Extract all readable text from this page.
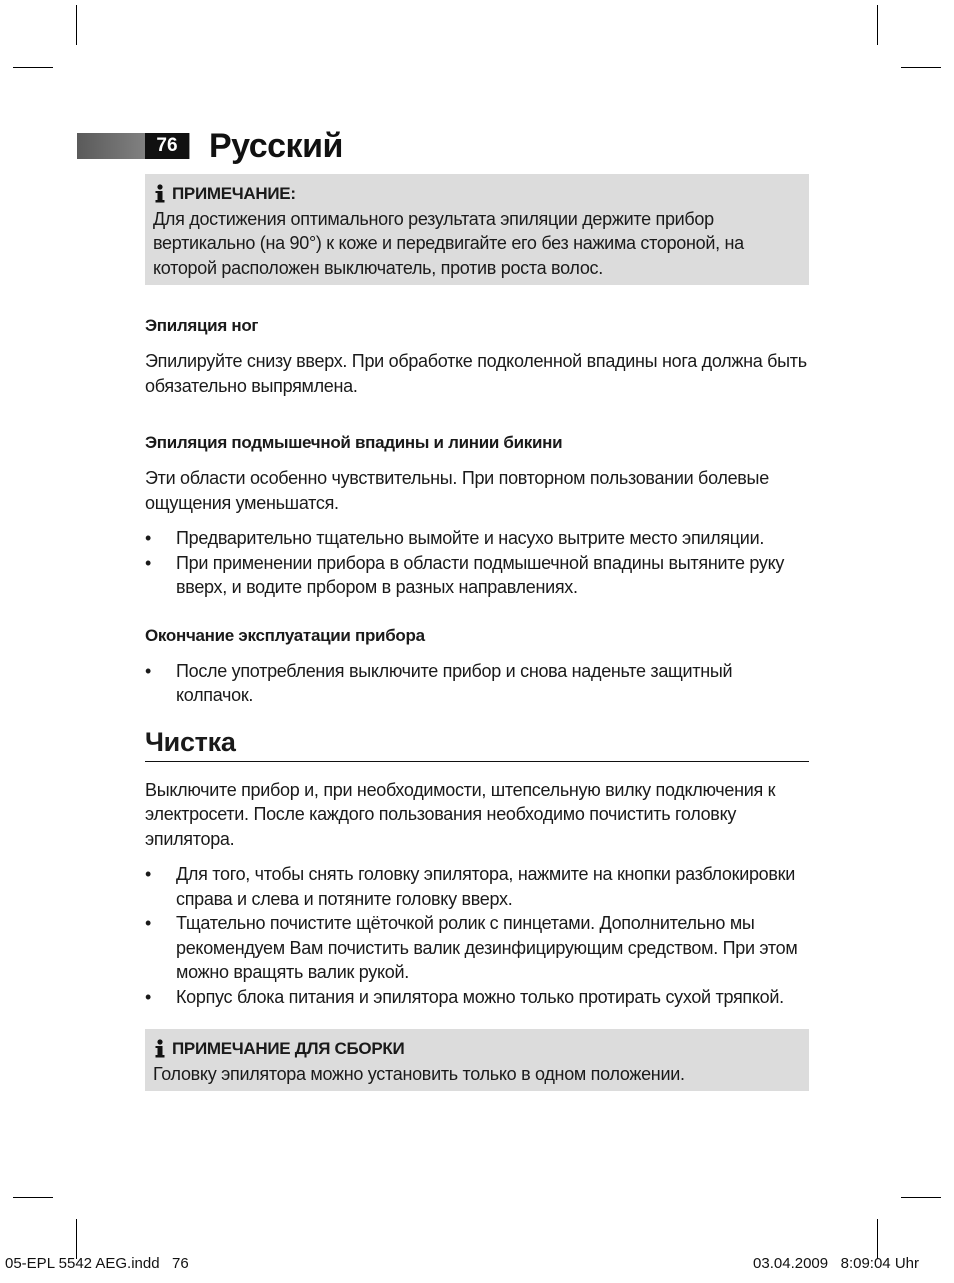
76 Русский
ПРИМЕЧАНИЕ :

Для достижения оптимального результата эпиляции держите прибор вертикально (на 90°) к коже и передвигайте его без нажима стороной, на которой расположен выключатель, против роста волос.

Эпиляция ног

Эпилируйте снизу вверх. При обработке подколенной впадины нога должна быть обязательно выпрямлена.

Эпиляция подмышечной впадины и линии бикини

Эти области особенно чувствительны. При повторном пользовании болевые ощущения уменьшатся.

• Предварительно тщательно вымойте и насухо вытрите место эпиляции.
• При применении прибора в области подмышечной впадины вытяните руку вверх, и водите прбором в разных направлениях.
Окончание эксплуатации прибора
• После употребления выключите прибор и снова наденьте защитный колпачок.
Чистка

Выключите прибор и, при необходимости, штепсельную вилку подключения к электросети. После каждого пользования необходимо почистить головку эпилятора.

• Для того, чтобы снять головку эпилятора, нажмите на кнопки разблокировки справа и слева и потяните головку вверх.
• Тщательно почистите щёточкой ролик с пинцетами. Дополнительно мы рекомендуем Вам почистить валик дезинфицирующим средством. При этом можно вращять валик рукой.
• Корпус блока питания и эпилятора можно только протирать сухой тряпкой.
ПРИМЕЧАНИЕ ДЛЯ СБОРКИ

Головку эпилятора можно установить только в одном положении.

05-EPL 5542 AEG.indd   76	03.04.2009   8:09:04 Uhr
